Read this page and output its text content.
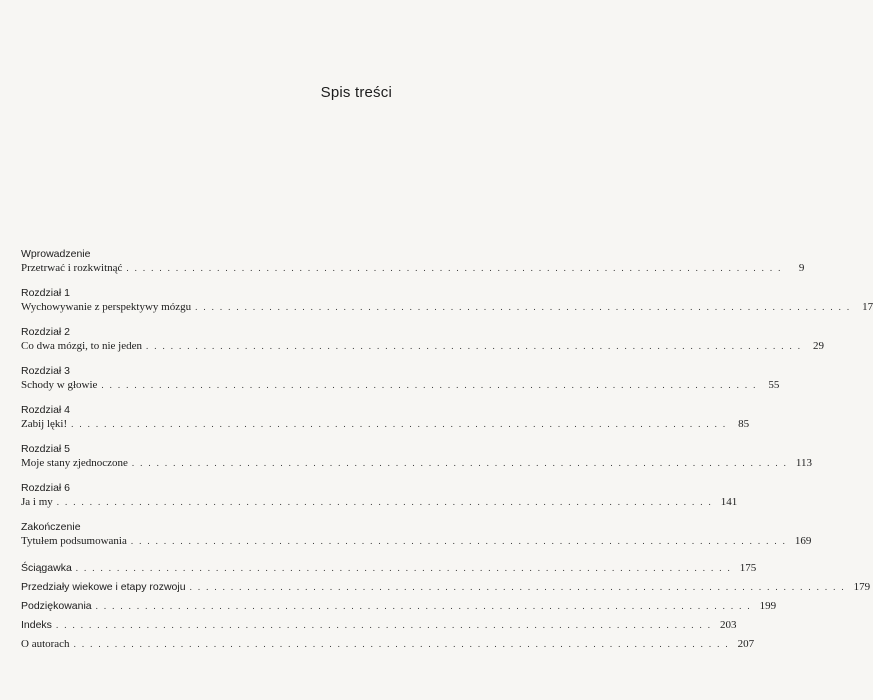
Spis treści
Wprowadzenie
Przetrwać i rozkwitnąć ................................................................................	9
Rozdział 1
Wychowywanie z perspektywy mózgu ................................................................................ 17
Rozdział 2
Co dwa mózgi, to nie jeden ................................................................................ 29
Rozdział 3
Schody w głowie ................................................................................ 55
Rozdział 4
Zabij lęki! ................................................................................ 85
Rozdział 5
Moje stany zjednoczone ................................................................................ 113
Rozdział 6
Ja i my ................................................................................ 141
Zakończenie
Tytułem podsumowania ................................................................................ 169
Ściągawka ................................................................................ 175
Przedziały wiekowe i etapy rozwoju ................................................................................ 179
Podziękowania ................................................................................ 199
Indeks ................................................................................ 203
O autorach ................................................................................ 207
